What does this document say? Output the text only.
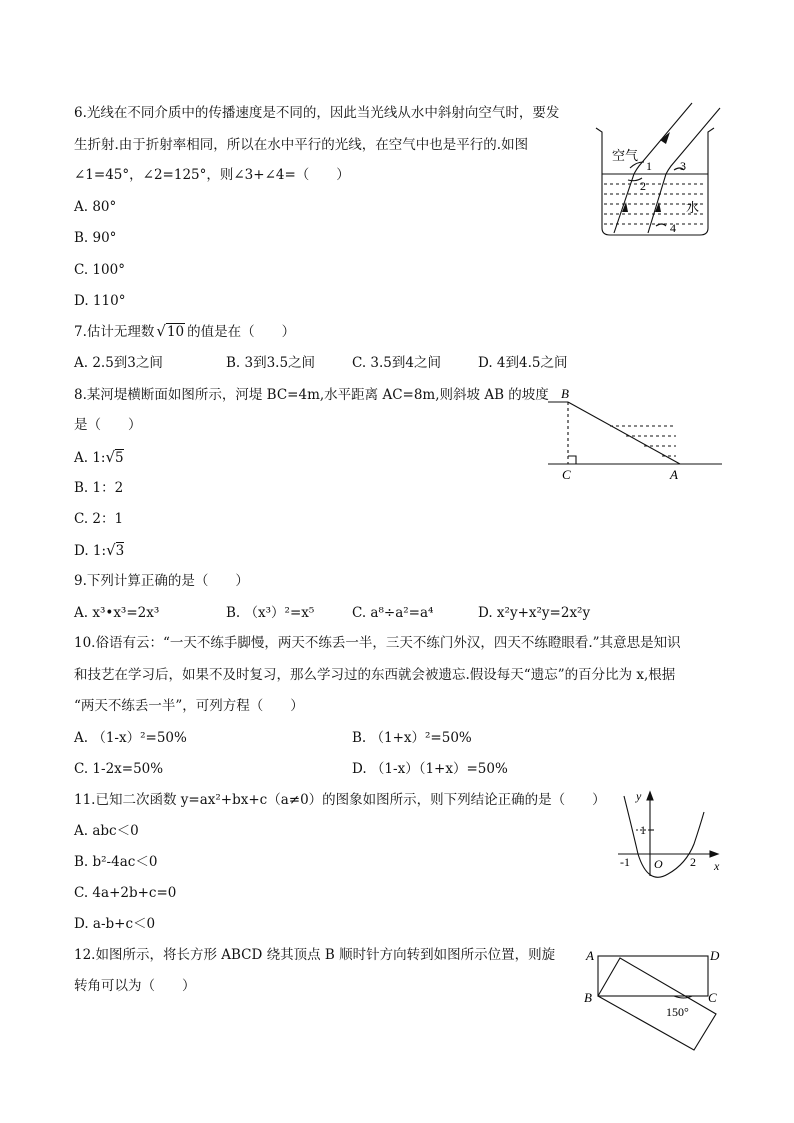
6.光线在不同介质中的传播速度是不同的，因此当光线从水中斜射向空气时，要发
生折射.由于折射率相同，所以在水中平行的光线，在空气中也是平行的.如图
∠1=45°，∠2=125°，则∠3+∠4=（　　）
A. 80°
B. 90°
C. 100°
D. 110°
空气
水
1
2
3
4
7.估计无理数 √10 的值是在（　　）
A. 2.5到3之间	B. 3到3.5之间	C. 3.5到4之间	D. 4到4.5之间
8.某河堤横断面如图所示，河堤 BC=4m,水平距离 AC=8m,则斜坡 AB 的坡度
是（　　）
A. 1:√5
B. 1：2
C. 2：1
D. 1:√3
B
C	A
9.下列计算正确的是（　　）
A. x³•x³=2x³	B. （x³）²=x⁵	C. a⁸÷a²=a⁴	D. x²y+x²y=2x²y
10.俗语有云：“一天不练手脚慢，两天不练丢一半，三天不练门外汉，四天不练瞪眼看.”其意思是知识
和技艺在学习后，如果不及时复习，那么学习过的东西就会被遗忘.假设每天“遗忘”的百分比为 x,根据
“两天不练丢一半”，可列方程（　　）
A. （1-x）²=50%	B. （1+x）²=50%
C. 1-2x=50%	D. （1-x）（1+x）=50%
11.已知二次函数 y=ax²+bx+c（a≠0）的图象如图所示，则下列结论正确的是（　　）
A. abc＜0
B. b²-4ac＜0
C. 4a+2b+c=0
D. a-b+c＜0
y
x
O
1
-1	2
12.如图所示，将长方形 ABCD 绕其顶点 B 顺时针方向转到如图所示位置，则旋
转角可以为（　　）
A	D
B	C
150°
